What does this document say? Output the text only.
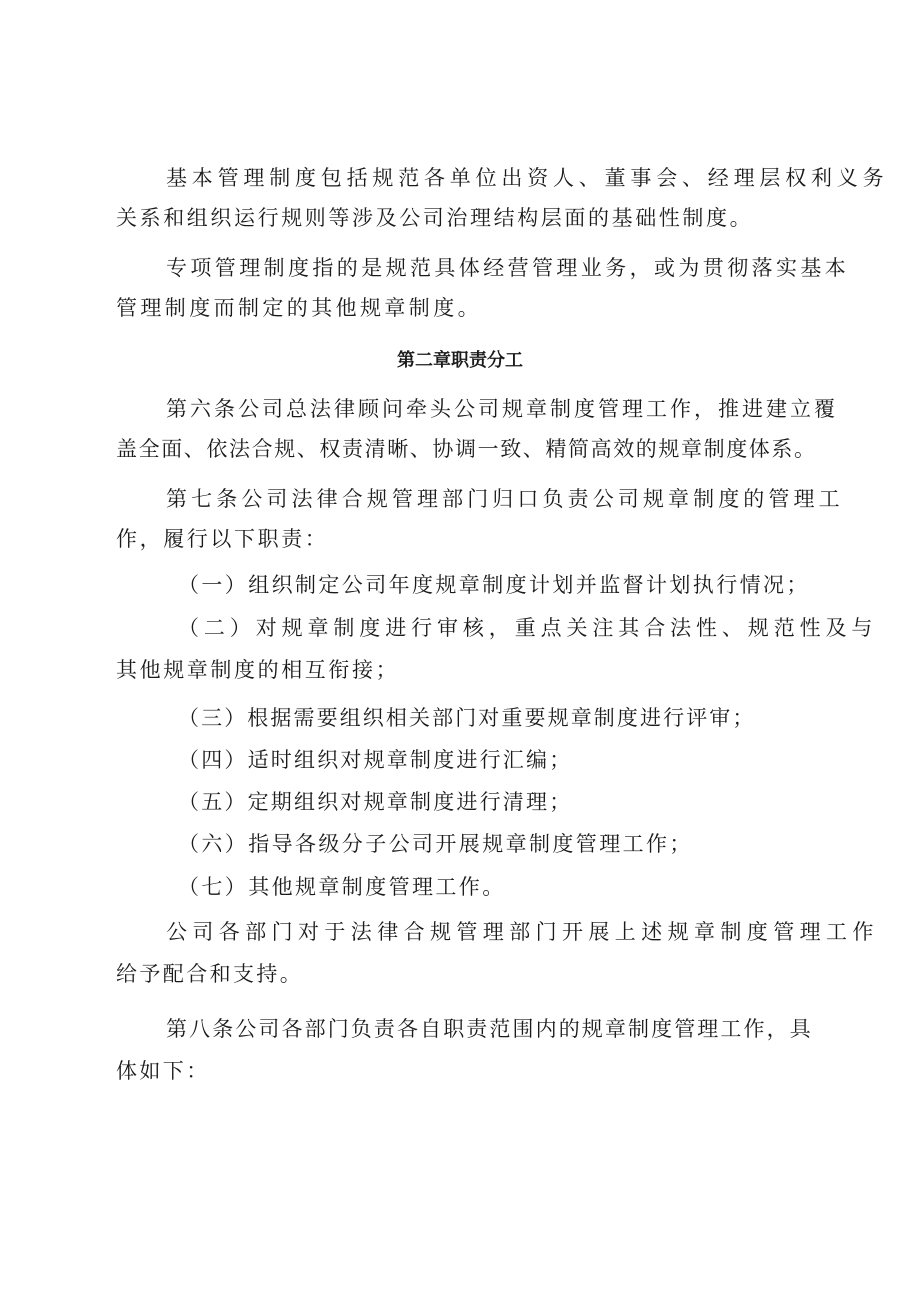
基本管理制度包括规范各单位出资人、董事会、经理层权利义务
关系和组织运行规则等涉及公司治理结构层面的基础性制度。
专项管理制度指的是规范具体经营管理业务，或为贯彻落实基本
管理制度而制定的其他规章制度。
第二章职责分工
第六条公司总法律顾问牵头公司规章制度管理工作，推进建立覆
盖全面、依法合规、权责清晰、协调一致、精简高效的规章制度体系。
第七条公司法律合规管理部门归口负责公司规章制度的管理工
作，履行以下职责：
（一）组织制定公司年度规章制度计划并监督计划执行情况；
（二）对规章制度进行审核，重点关注其合法性、规范性及与
其他规章制度的相互衔接；
（三）根据需要组织相关部门对重要规章制度进行评审；
（四）适时组织对规章制度进行汇编；
（五）定期组织对规章制度进行清理；
（六）指导各级分子公司开展规章制度管理工作；
（七）其他规章制度管理工作。
公司各部门对于法律合规管理部门开展上述规章制度管理工作
给予配合和支持。
第八条公司各部门负责各自职责范围内的规章制度管理工作，具
体如下：
